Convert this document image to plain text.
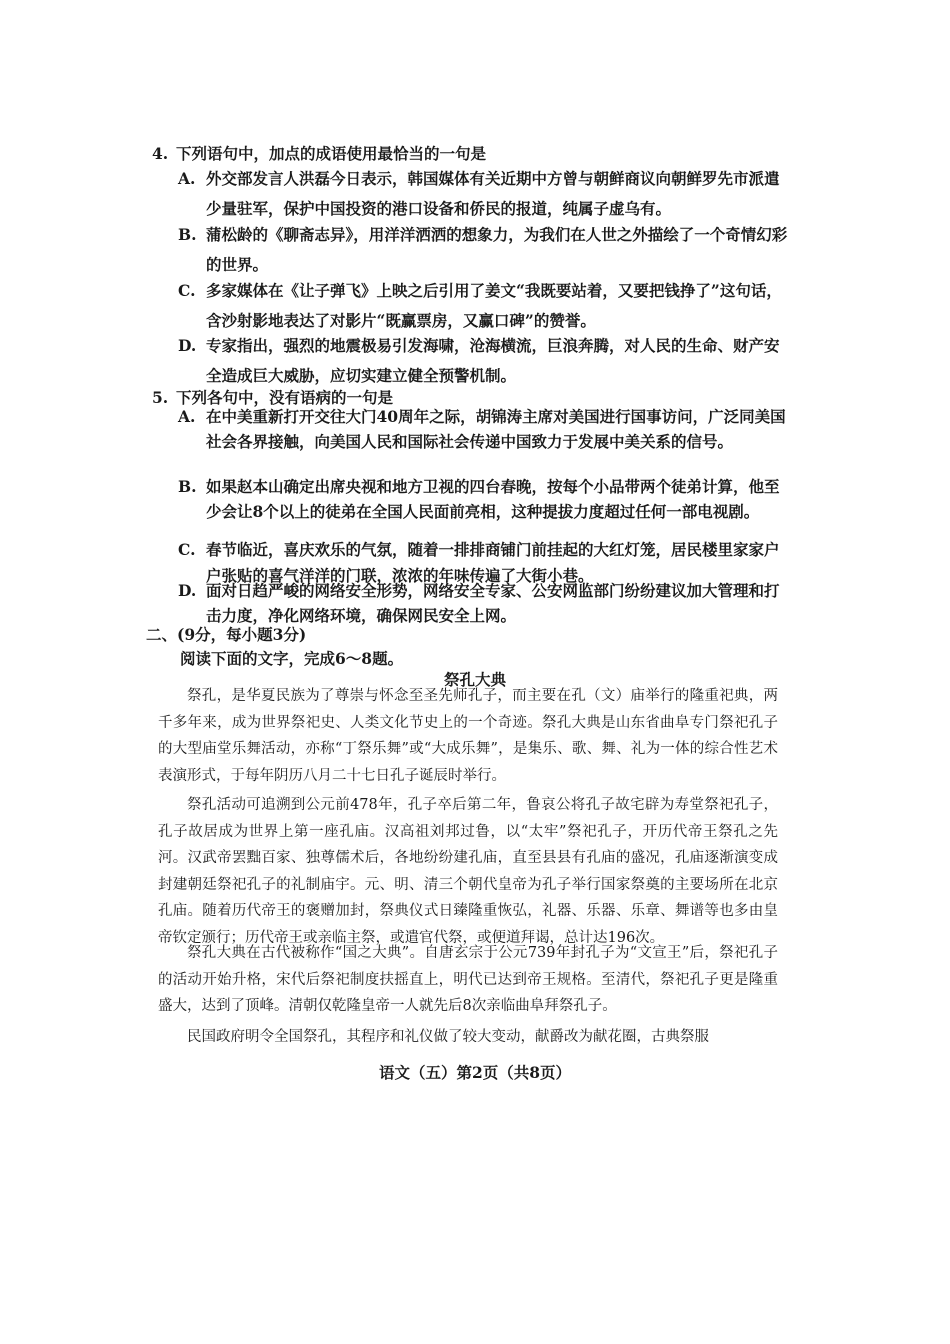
4. 下列语句中，加点的成语使用最恰当的一句是
A. 外交部发言人洪磊今日表示，韩国媒体有关近期中方曾与朝鲜商议向朝鲜罗先市派遣少量驻军，保护中国投资的港口设备和侨民的报道，纯属子虚乌有。
B. 蒲松龄的《聊斋志异》，用洋洋洒洒的想象力，为我们在人世之外描绘了一个奇情幻彩的世界。
C. 多家媒体在《让子弹飞》上映之后引用了姜文“我既要站着，又要把钱挣了”这句话，含沙射影地表达了对影片“既赢票房，又赢口碑”的赞誉。
D. 专家指出，强烈的地震极易引发海啸，沧海横流，巨浪奔腾，对人民的生命、财产安全造成巨大威胁，应切实建立健全预警机制。
5. 下列各句中，没有语病的一句是
A. 在中美重新打开交往大门40周年之际，胡锦涛主席对美国进行国事访问，广泛同美国社会各界接触，向美国人民和国际社会传递中国致力于发展中美关系的信号。
B. 如果赵本山确定出席央视和地方卫视的四台春晚，按每个小品带两个徒弟计算，他至少会让8个以上的徒弟在全国人民面前亮相，这种提拔力度超过任何一部电视剧。
C. 春节临近，喜庆欢乐的气氛，随着一排排商铺门前挂起的大红灯笼，居民楼里家家户户张贴的喜气洋洋的门联，浓浓的年味传遍了大街小巷。
D. 面对日趋严峻的网络安全形势，网络安全专家、公安网监部门纷纷建议加大管理和打击力度，净化网络环境，确保网民安全上网。
二、(9分，每小题3分)
阅读下面的文字，完成6～8题。
祭孔大典
祭孔，是华夏民族为了尊崇与怀念至圣先师孔子，而主要在孔（文）庙举行的隆重祀典，两千多年来，成为世界祭祀史、人类文化节史上的一个奇迹。祭孔大典是山东省曲阜专门祭祀孔子的大型庙堂乐舞活动，亦称“丁祭乐舞”或“大成乐舞”，是集乐、歌、舞、礼为一体的综合性艺术表演形式，于每年阴历八月二十七日孔子诞辰时举行。
祭孔活动可追溯到公元前478年，孔子卒后第二年，鲁哀公将孔子故宅辟为寿堂祭祀孔子，孔子故居成为世界上第一座孔庙。汉高祖刘邦过鲁，以“太牢”祭祀孔子，开历代帝王祭孔之先河。汉武帝罢黜百家、独尊儒术后，各地纷纷建孔庙，直至县县有孔庙的盛况，孔庙逐渐演变成封建朝廷祭祀孔子的礼制庙宇。元、明、清三个朝代皇帝为孔子举行国家祭奠的主要场所在北京孔庙。随着历代帝王的褒赠加封，祭典仪式日臻隆重恢弘，礼器、乐器、乐章、舞谱等也多由皇帝钦定颁行；历代帝王或亲临主祭，或遣官代祭，或便道拜谒，总计达196次。
祭孔大典在古代被称作“国之大典”。自唐玄宗于公元739年封孔子为“文宣王”后，祭祀孔子的活动开始升格，宋代后祭祀制度扶摇直上，明代已达到帝王规格。至清代，祭祀孔子更是隆重盛大，达到了顶峰。清朝仅乾隆皇帝一人就先后8次亲临曲阜拜祭孔子。
民国政府明令全国祭孔，其程序和礼仪做了较大变动，献爵改为献花圈，古典祭服
语文（五）第2页（共8页）
